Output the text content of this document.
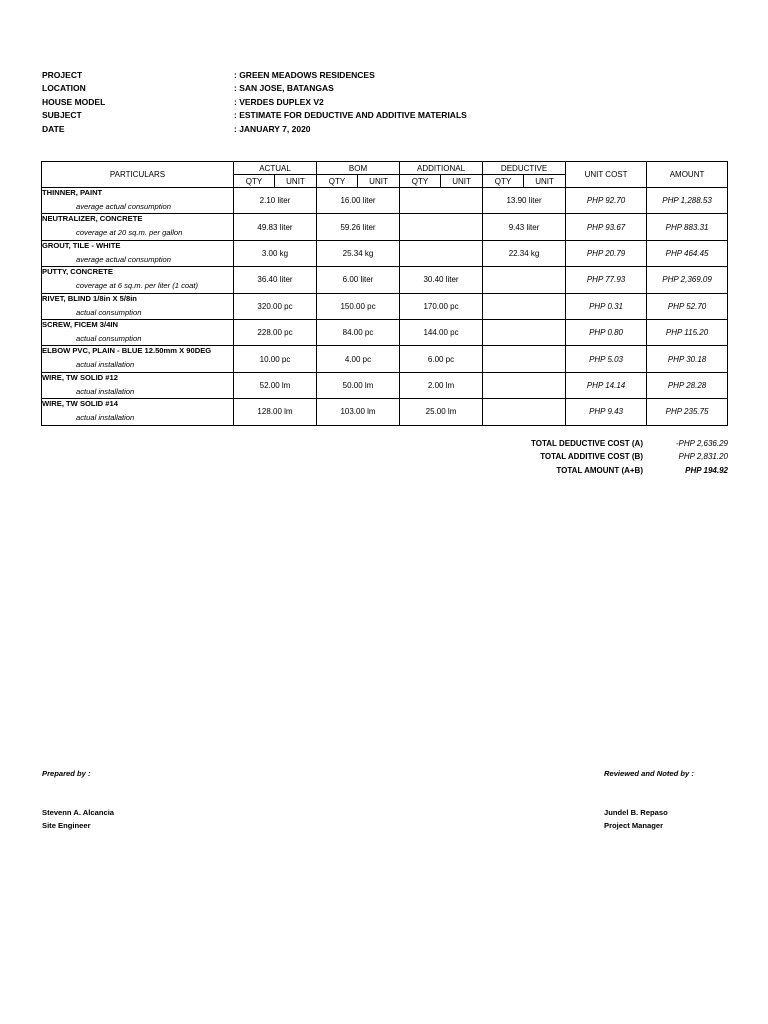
PROJECT	: GREEN MEADOWS RESIDENCES
LOCATION	: SAN JOSE, BATANGAS
HOUSE MODEL	: VERDES DUPLEX V2
SUBJECT	: ESTIMATE FOR DEDUCTIVE AND ADDITIVE MATERIALS
DATE	: JANUARY 7, 2020
PARTICULARS	ACTUAL		BOM		ADDITIONAL		DEDUCTIVE		UNIT COST	AMOUNT
	QTY	UNIT	QTY	UNIT	QTY	UNIT	QTY	UNIT		

THINNER, PAINT
average actual consumption	2.10 liter		16.00 liter				13.90 liter		PHP 92.70	PHP 1,288.53

NEUTRALIZER, CONCRETE
coverage at 20 sq.m. per gallon	49.83 liter		59.26 liter				9.43 liter		PHP 93.67	PHP 883.31

GROUT, TILE - WHITE
average actual consumption	3.00 kg		25.34 kg				22.34 kg		PHP 20.79	PHP 464.45

PUTTY, CONCRETE
coverage at 6 sq.m. per liter (1 coat)	36.40 liter		6.00 liter		30.40 liter				PHP 77.93	PHP 2,369.09

RIVET, BLIND 1/8in X 5/8in
actual consumption	320.00 pc		150.00 pc		170.00 pc				PHP 0.31	PHP 52.70

SCREW, FICEM 3/4IN
actual consumption	228.00 pc		84.00 pc		144.00 pc				PHP 0.80	PHP 115.20

ELBOW PVC, PLAIN - BLUE 12.50mm X 90DEG
actual installation	10.00 pc		4.00 pc		6.00 pc				PHP 5.03	PHP 30.18

WIRE, TW SOLID #12
actual installation	52.00 lm		50.00 lm		2.00 lm				PHP 14.14	PHP 28.28

WIRE, TW SOLID #14
actual installation	128.00 lm		103.00 lm		25.00 lm				PHP 9.43	PHP 235.75
TOTAL DEDUCTIVE COST (A)	-PHP 2,636.29
TOTAL ADDITIVE COST (B)	PHP 2,831.20
TOTAL AMOUNT (A+B)	PHP 194.92
Prepared by :
Stevenn A. Alcancia
Site Engineer
Reviewed and Noted by :
Jundel B. Repaso
Project Manager
